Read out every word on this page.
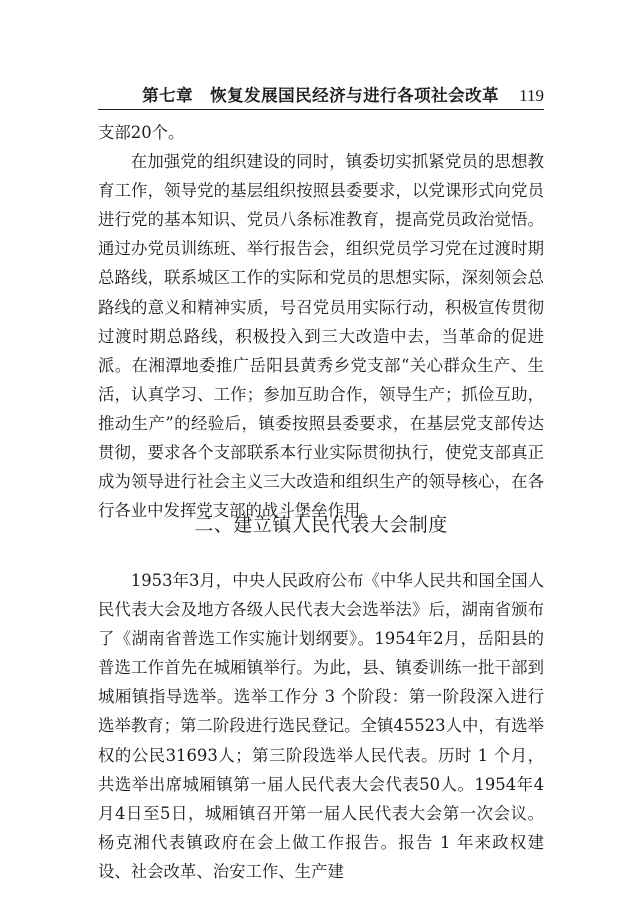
第七章　恢复发展国民经济与进行各项社会改革 119

支部20个。

在加强党的组织建设的同时，镇委切实抓紧党员的思想教育工作，领导党的基层组织按照县委要求，以党课形式向党员进行党的基本知识、党员八条标准教育，提高党员政治觉悟。通过办党员训练班、举行报告会，组织党员学习党在过渡时期总路线，联系城区工作的实际和党员的思想实际，深刻领会总路线的意义和精神实质，号召党员用实际行动，积极宣传贯彻过渡时期总路线，积极投入到三大改造中去，当革命的促进派。在湘潭地委推广岳阳县黄秀乡党支部“关心群众生产、生活，认真学习、工作；参加互助合作，领导生产；抓俭互助，推动生产”的经验后，镇委按照县委要求，在基层党支部传达贯彻，要求各个支部联系本行业实际贯彻执行，使党支部真正成为领导进行社会主义三大改造和组织生产的领导核心，在各行各业中发挥党支部的战斗堡垒作用。

二、建立镇人民代表大会制度

1953年3月，中央人民政府公布《中华人民共和国全国人民代表大会及地方各级人民代表大会选举法》后，湖南省颁布了《湖南省普选工作实施计划纲要》。1954年2月，岳阳县的普选工作首先在城厢镇举行。为此，县、镇委训练一批干部到城厢镇指导选举。选举工作分 3 个阶段：第一阶段深入进行选举教育；第二阶段进行选民登记。全镇45523人中，有选举权的公民31693人；第三阶段选举人民代表。历时 1 个月，共选举出席城厢镇第一届人民代表大会代表50人。1954年4月4日至5日，城厢镇召开第一届人民代表大会第一次会议。杨克湘代表镇政府在会上做工作报告。报告 1 年来政权建设、社会改革、治安工作、生产建
